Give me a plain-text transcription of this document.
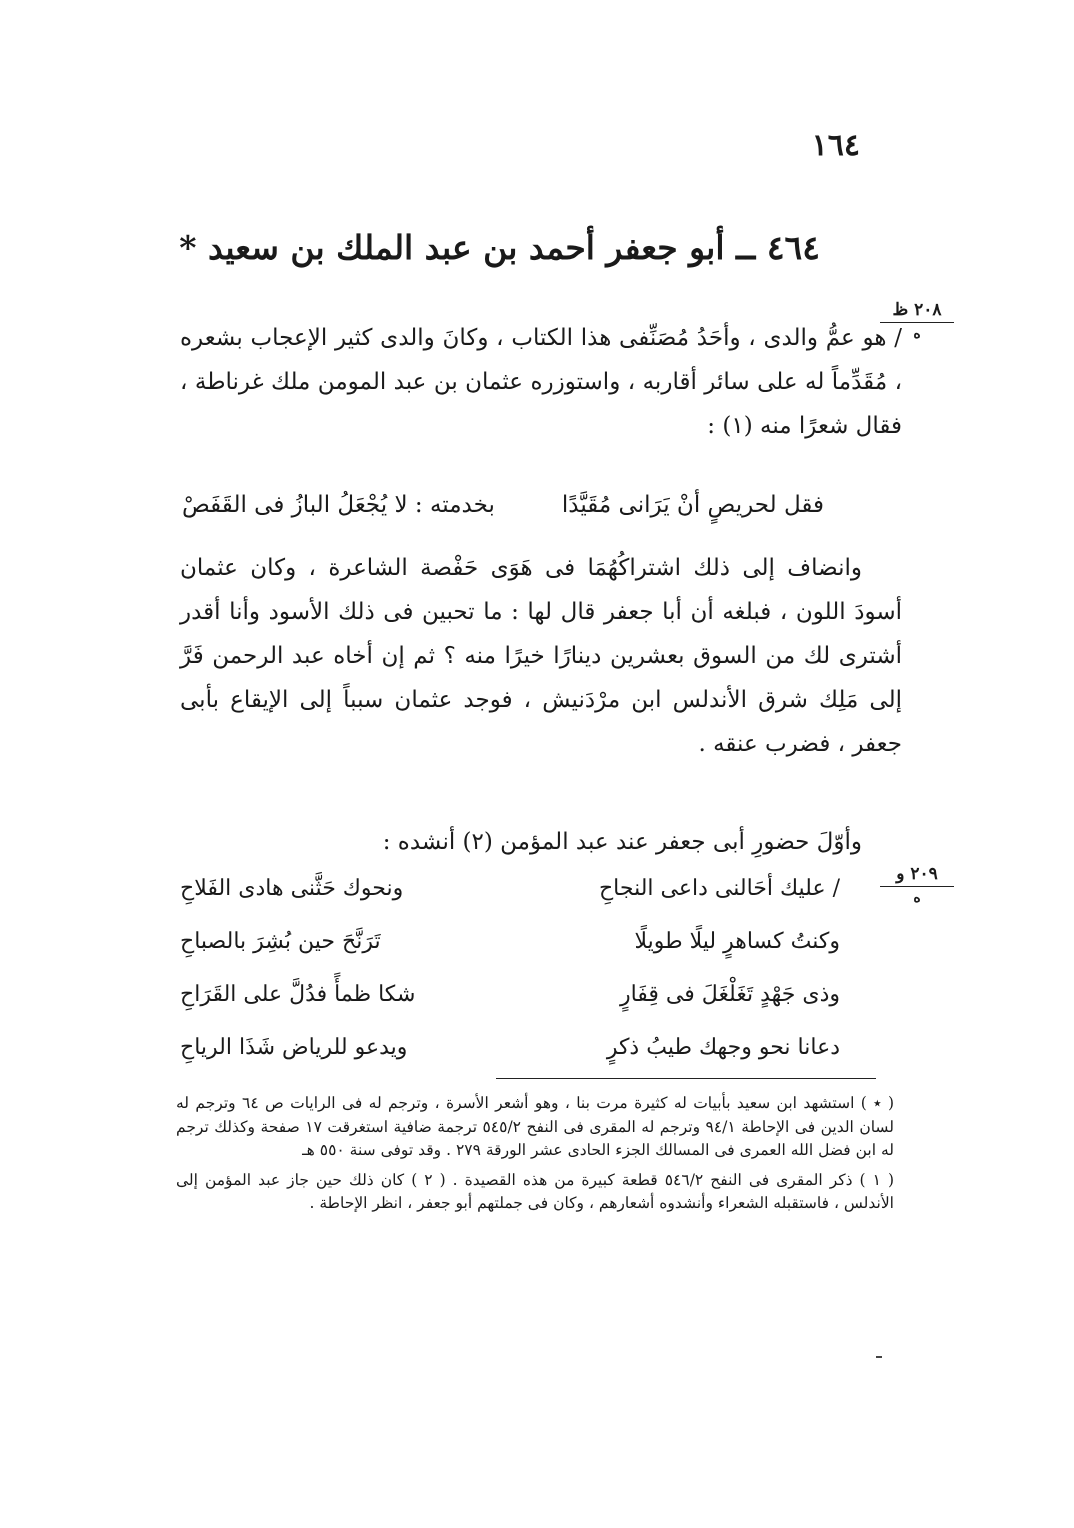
١٦٤
٤٦٤ ــ أبو جعفر أحمد بن عبد الملك بن سعيد *
٢٠٨ ظ
ه

/ هو عمُّ والدى ، وأحَدُ مُصَنِّفى هذا الكتاب ، وكانَ والدى كثير الإعجاب بشعره ، مُقَدِّماً له على سائر أقاربه ، واستوزره عثمان بن عبد المومن ملك غرناطة ، فقال شعرًا منه (١) :

فقل لحريصٍ أنْ يَرَانى مُقَيَّدًا
بخدمته : لا يُجْعَلُ البازُ فى القَفَصْ

وانضاف إلى ذلك اشتراكُهُمَا فى هَوَى حَفْصة الشاعرة ، وكان عثمان أسودَ اللون ، فبلغه أن أبا جعفر قال لها : ما تحبين فى ذلك الأسود وأنا أقدر أشترى لك من السوق بعشرين دينارًا خيرًا منه ؟ ثم إن أخاه عبد الرحمن فَرَّ إلى مَلِك شرق الأندلس ابن مرْدَنيش ، فوجد عثمان سبباً إلى الإيقاع بأبى جعفر ، فضرب عنقه .

وأوّلَ حضورِ أبى جعفر عند عبد المؤمن (٢) أنشده :

٢٠٩ و
ه
/ عليك أحَالنى داعى النجاحِ
ونحوك حَثَّنى هادى الفَلاحِ
وكنتُ كساهرٍ ليلًا طويلًا
تَرَنَّحَ حين بُشِرَ بالصباحِ
وذى جَهْدٍ تَغَلْغَلَ فى قِفَارٍ
شكا ظمأً فدُلَّ على القَرَاحِ
دعانا نحو وجهك طيبُ ذكرٍ
ويدعو للرياض شَذَا الرياحِ

( ٭ ) استشهد ابن سعيد بأبيات له كثيرة مرت بنا ، وهو أشعر الأسرة ، وترجم له فى الرايات ص ٦٤ وترجم له لسان الدين فى الإحاطة ٩٤/١ وترجم له المقرى فى النفح ٥٤٥/٢ ترجمة ضافية استغرقت ١٧ صفحة وكذلك ترجم له ابن فضل الله العمرى فى المسالك الجزء الحادى عشر الورقة ٢٧٩ . وقد توفى سنة ٥٥٠ هـ

( ١ ) ذكر المقرى فى النفح ٥٤٦/٢ قطعة كبيرة من هذه القصيدة . ( ٢ ) كان ذلك حين جاز عبد المؤمن إلى الأندلس ، فاستقبله الشعراء وأنشدوه أشعارهم ، وكان فى جملتهم أبو جعفر ، انظر الإحاطة .
